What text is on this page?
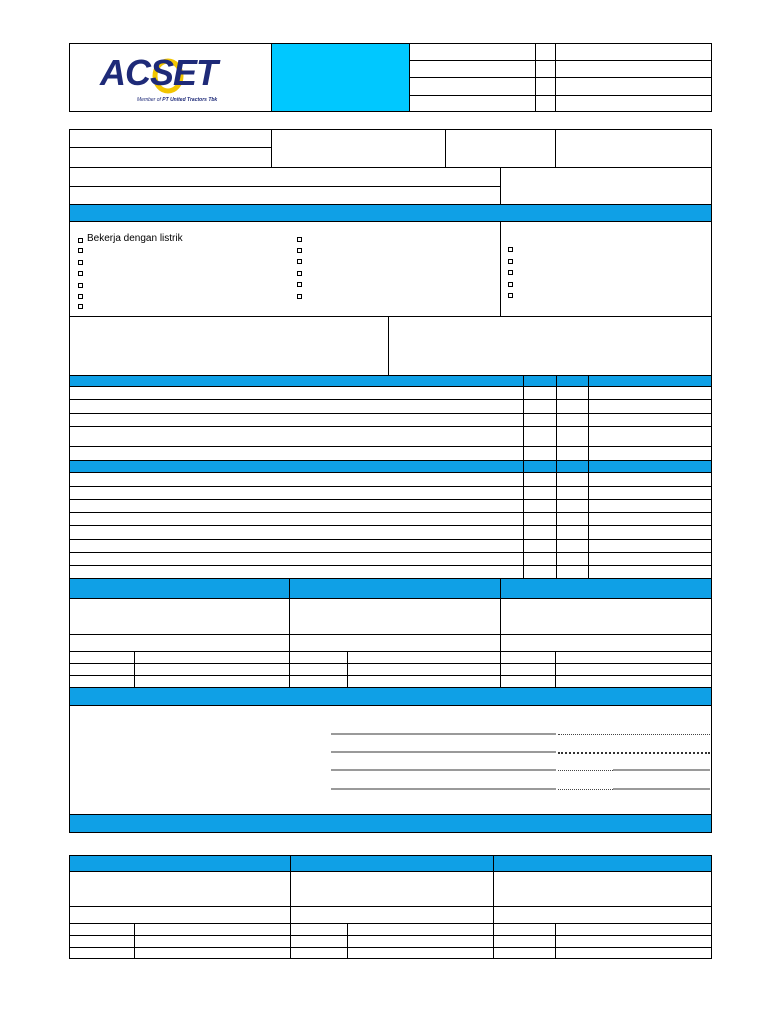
ACSET
Member of PT United Tractors Tbk
Bekerja dengan listrik
